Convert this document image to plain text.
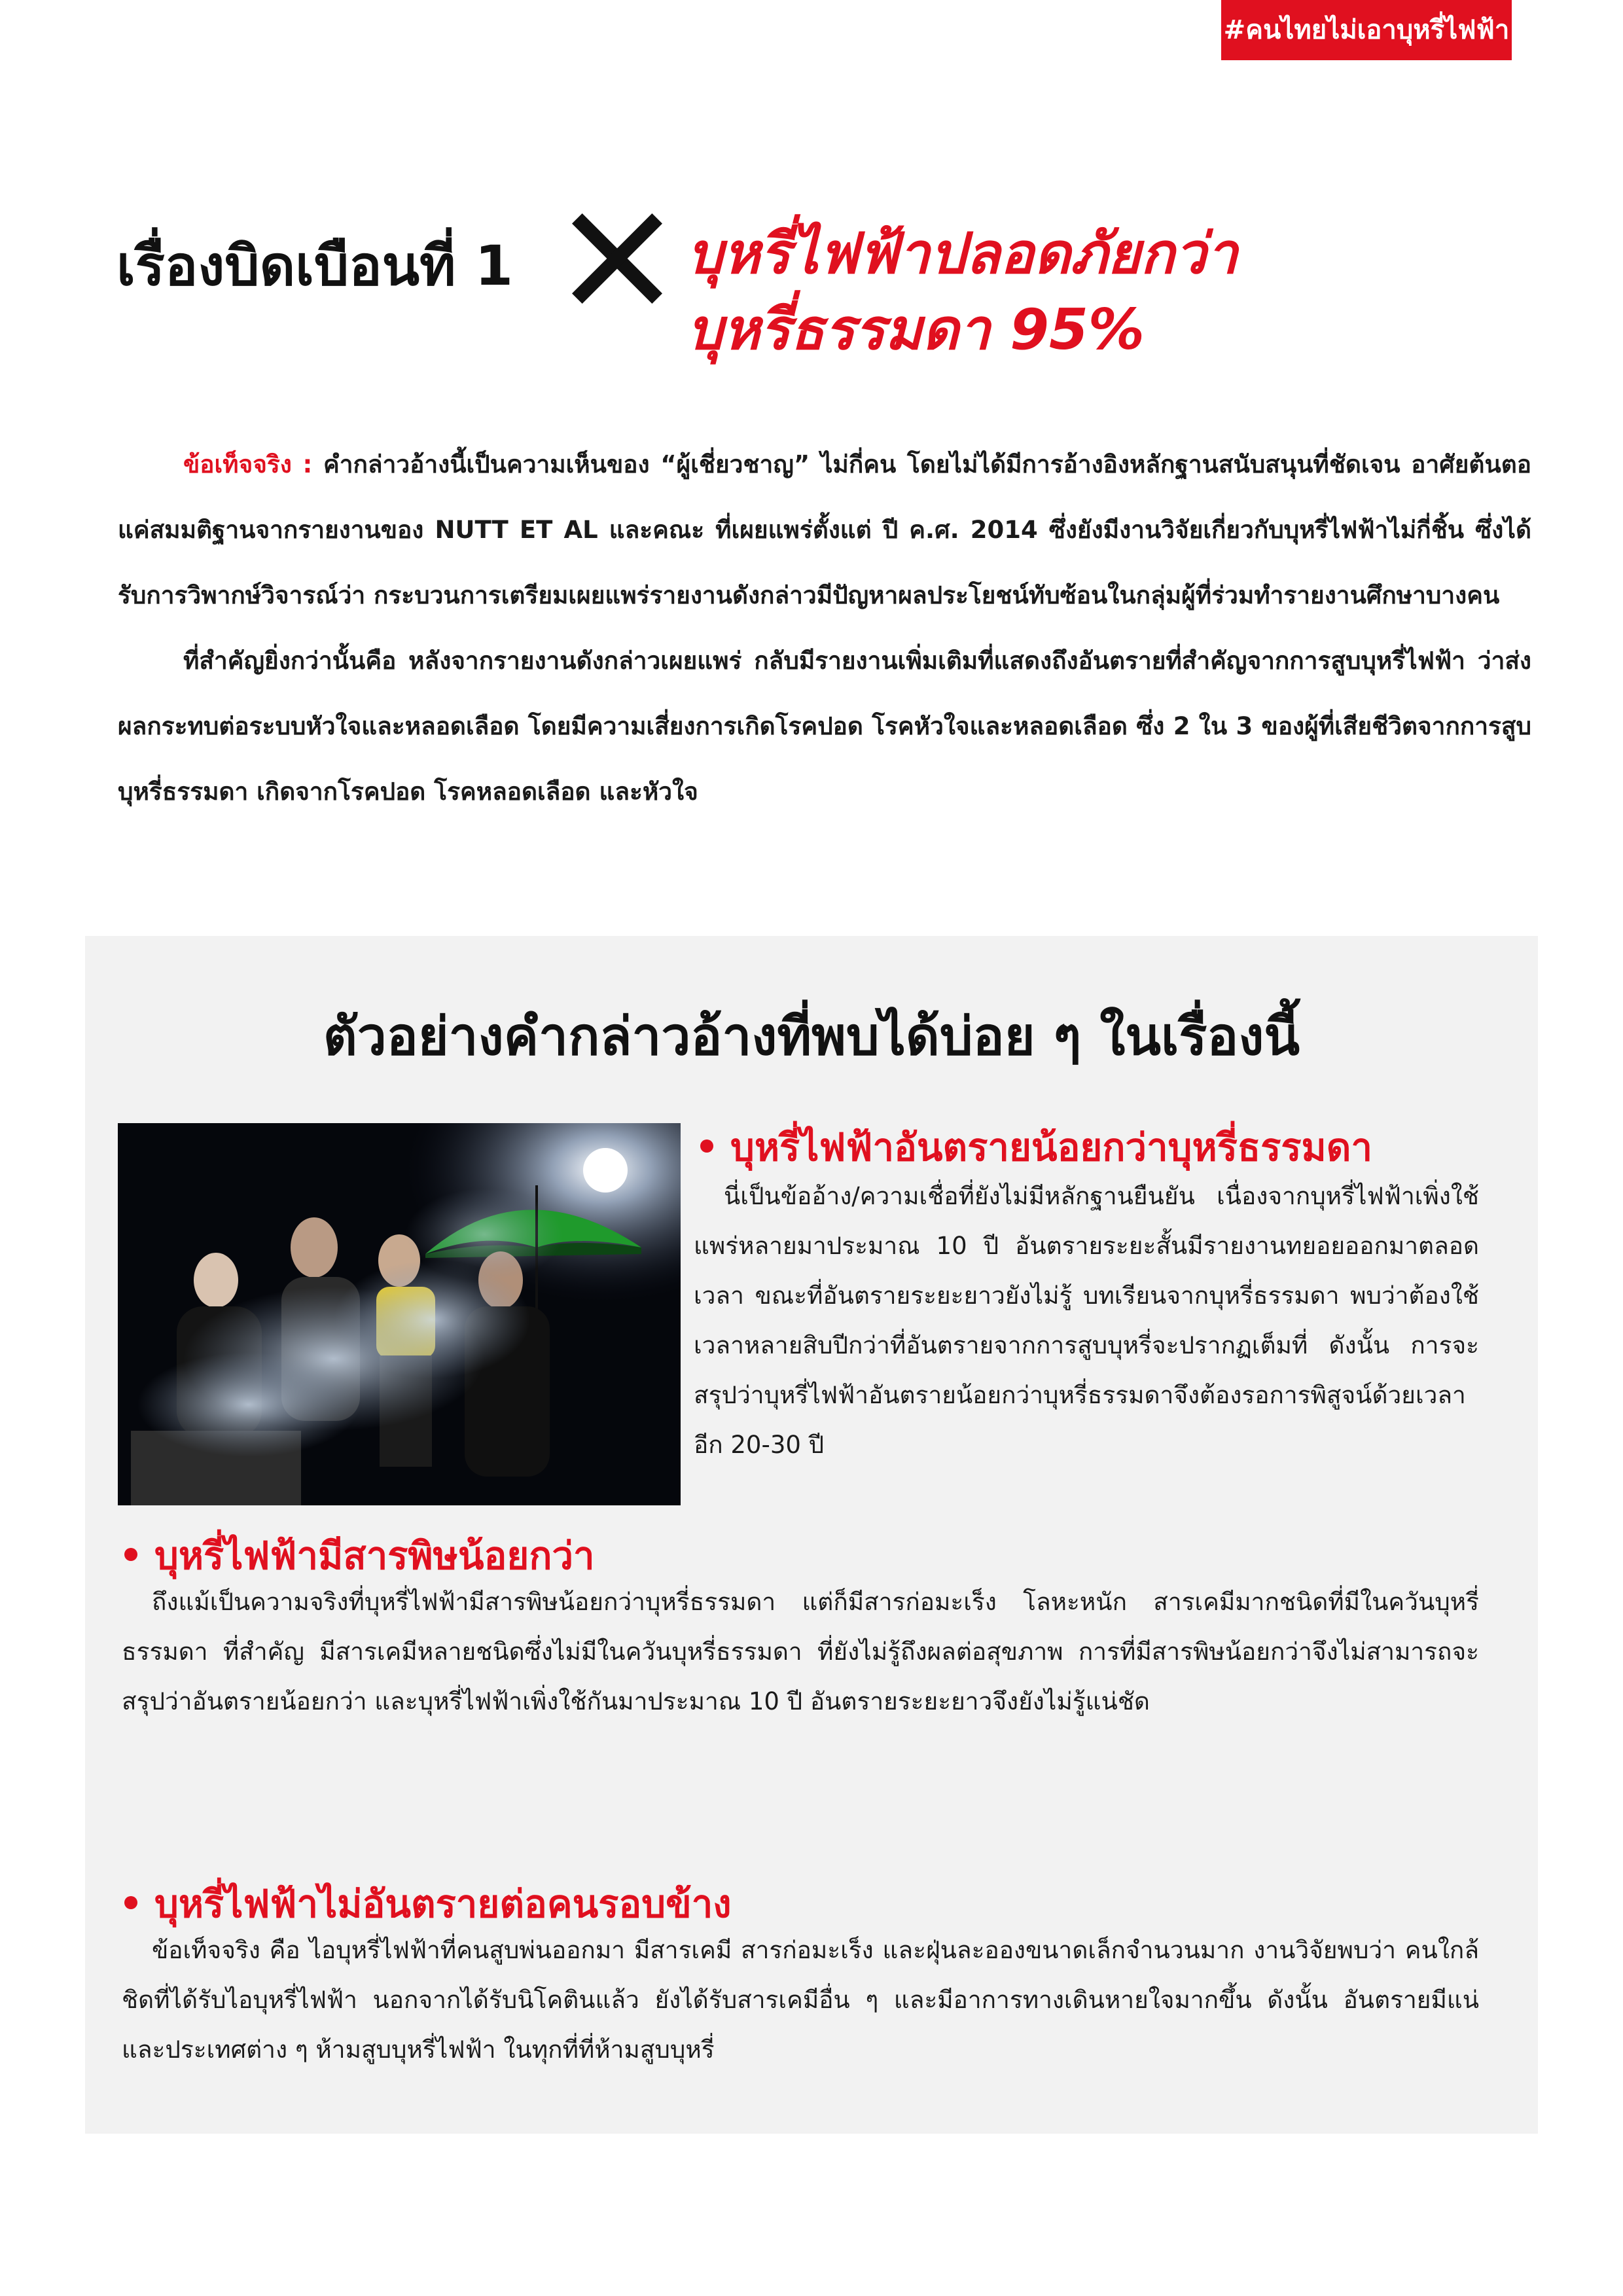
#คนไทยไม่เอาบุหรี่ไฟฟ้า
เรื่องบิดเบือนที่ 1	บุหรี่ไฟฟ้าปลอดภัยกว่า
บุหรี่ธรรมดา 95%

ข้อเท็จจริง : คำกล่าวอ้างนี้เป็นความเห็นของ “ผู้เชี่ยวชาญ” ไม่กี่คน โดยไม่ได้มีการอ้างอิงหลักฐานสนับสนุนที่ชัดเจน อาศัยต้นตอแค่สมมติฐานจากรายงานของ NUTT ET AL และคณะ ที่เผยแพร่ตั้งแต่ ปี ค.ศ. 2014 ซึ่งยังมีงานวิจัยเกี่ยวกับบุหรี่ไฟฟ้าไม่กี่ชิ้น ซึ่งได้รับการวิพากษ์วิจารณ์ว่า กระบวนการเตรียมเผยแพร่รายงานดังกล่าวมีปัญหาผลประโยชน์ทับซ้อนในกลุ่มผู้ที่ร่วมทำรายงานศึกษาบางคน

ที่สำคัญยิ่งกว่านั้นคือ หลังจากรายงานดังกล่าวเผยแพร่ กลับมีรายงานเพิ่มเติมที่แสดงถึงอันตรายที่สำคัญจากการสูบบุหรี่ไฟฟ้า ว่าส่งผลกระทบต่อระบบหัวใจและหลอดเลือด โดยมีความเสี่ยงการเกิดโรคปอด โรคหัวใจและหลอดเลือด ซึ่ง 2 ใน 3 ของผู้ที่เสียชีวิตจากการสูบบุหรี่ธรรมดา เกิดจากโรคปอด โรคหลอดเลือด และหัวใจ

ตัวอย่างคำกล่าวอ้างที่พบได้บ่อย ๆ ในเรื่องนี้
บุหรี่ไฟฟ้าอันตรายน้อยกว่าบุหรี่ธรรมดา

นี่เป็นข้ออ้าง/ความเชื่อที่ยังไม่มีหลักฐานยืนยัน เนื่องจากบุหรี่ไฟฟ้าเพิ่งใช้แพร่หลายมาประมาณ 10 ปี อันตรายระยะสั้นมีรายงานทยอยออกมาตลอดเวลา ขณะที่อันตรายระยะยาวยังไม่รู้ บทเรียนจากบุหรี่ธรรมดา พบว่าต้องใช้เวลาหลายสิบปีกว่าที่อันตรายจากการสูบบุหรี่จะปรากฏเต็มที่ ดังนั้น การจะสรุปว่าบุหรี่ไฟฟ้าอันตรายน้อยกว่าบุหรี่ธรรมดาจึงต้องรอการพิสูจน์ด้วยเวลาอีก 20-30 ปี

บุหรี่ไฟฟ้ามีสารพิษน้อยกว่า

ถึงแม้เป็นความจริงที่บุหรี่ไฟฟ้ามีสารพิษน้อยกว่าบุหรี่ธรรมดา แต่ก็มีสารก่อมะเร็ง โลหะหนัก สารเคมีมากชนิดที่มีในควันบุหรี่ธรรมดา ที่สำคัญ มีสารเคมีหลายชนิดซึ่งไม่มีในควันบุหรี่ธรรมดา ที่ยังไม่รู้ถึงผลต่อสุขภาพ การที่มีสารพิษน้อยกว่าจึงไม่สามารถจะสรุปว่าอันตรายน้อยกว่า และบุหรี่ไฟฟ้าเพิ่งใช้กันมาประมาณ 10 ปี อันตรายระยะยาวจึงยังไม่รู้แน่ชัด

บุหรี่ไฟฟ้าไม่อันตรายต่อคนรอบข้าง

ข้อเท็จจริง คือ ไอบุหรี่ไฟฟ้าที่คนสูบพ่นออกมา มีสารเคมี สารก่อมะเร็ง และฝุ่นละอองขนาดเล็กจำนวนมาก งานวิจัยพบว่า คนใกล้ชิดที่ได้รับไอบุหรี่ไฟฟ้า นอกจากได้รับนิโคตินแล้ว ยังได้รับสารเคมีอื่น ๆ และมีอาการทางเดินหายใจมากขึ้น ดังนั้น อันตรายมีแน่ และประเทศต่าง ๆ ห้ามสูบบุหรี่ไฟฟ้า ในทุกที่ที่ห้ามสูบบุหรี่
